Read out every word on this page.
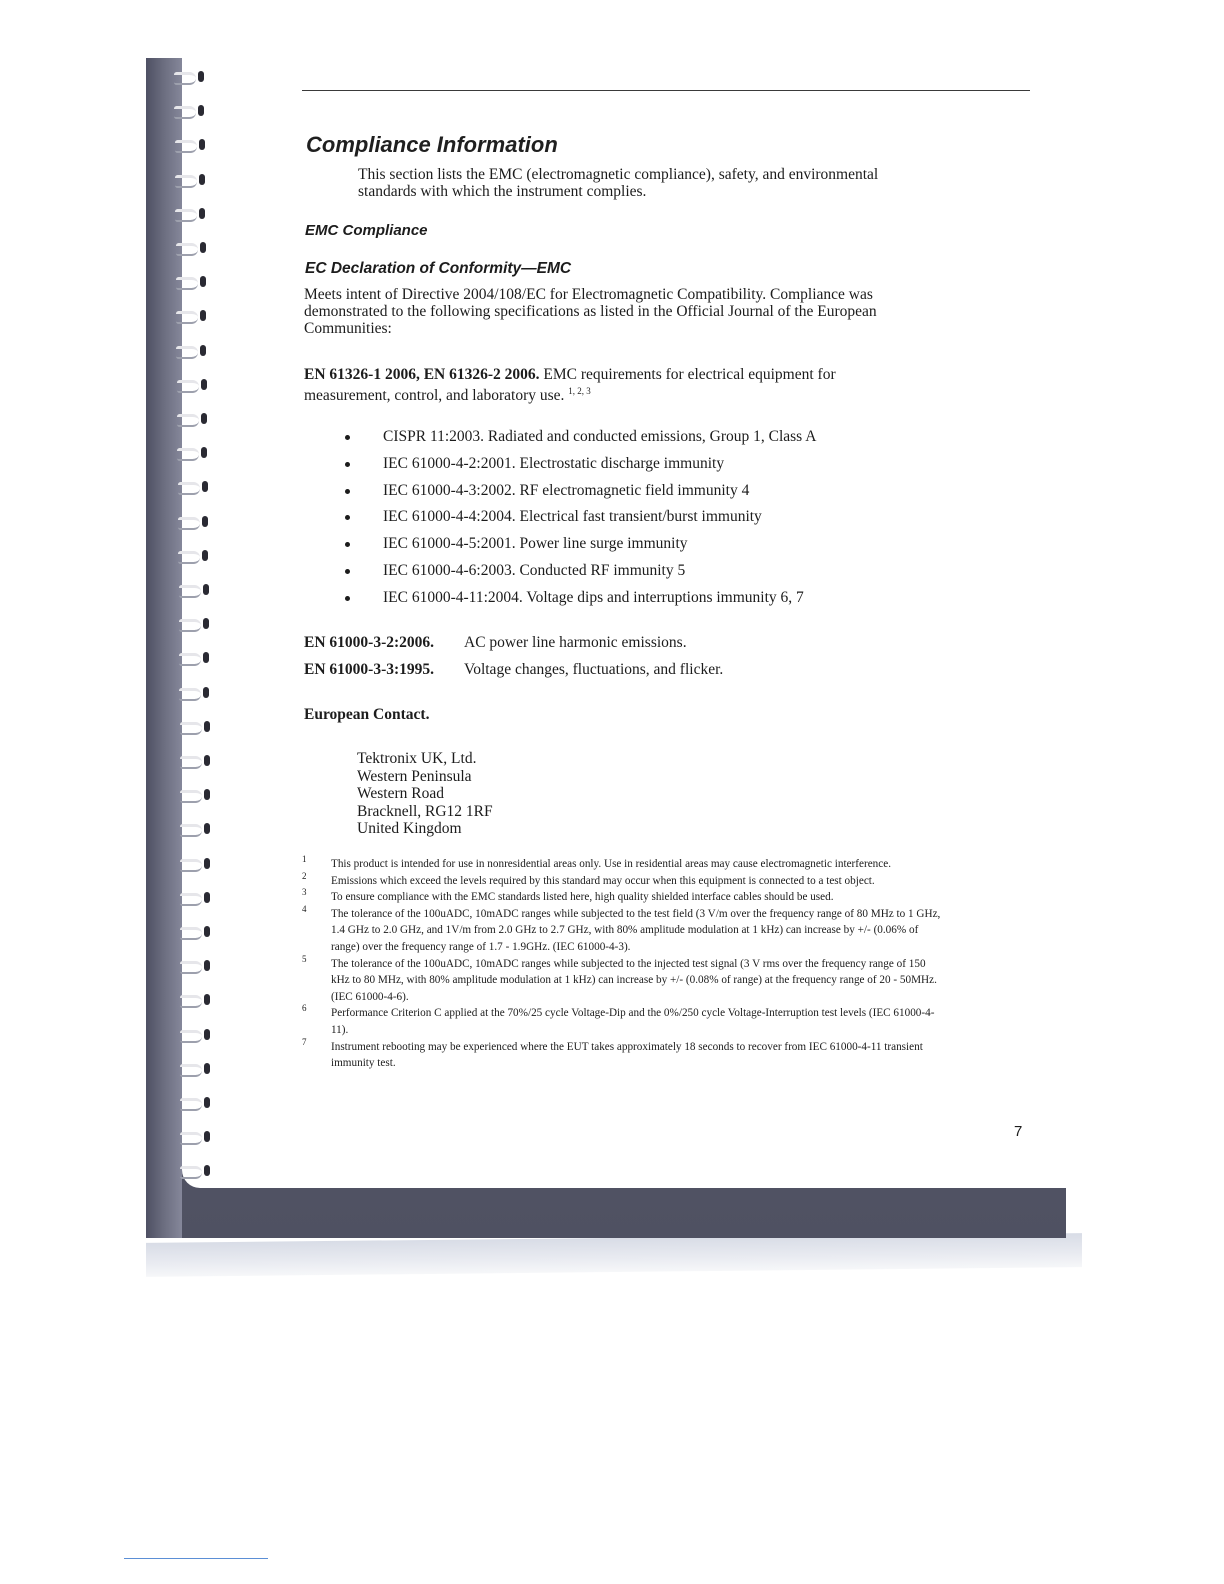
Compliance Information

This section lists the EMC (electromagnetic compliance), safety, and environmental standards with which the instrument complies.

EMC Compliance
EC Declaration of Conformity—EMC

Meets intent of Directive 2004/108/EC for Electromagnetic Compatibility. Compliance was demonstrated to the following specifications as listed in the Official Journal of the European Communities:

EN 61326-1 2006, EN 61326-2 2006. EMC requirements for electrical equipment for measurement, control, and laboratory use. $^{1, 2, 3}$
CISPR 11:2003. Radiated and conducted emissions, Group 1, Class A
IEC 61000-4-2:2001. Electrostatic discharge immunity
IEC 61000-4-3:2002. RF electromagnetic field immunity 4
IEC 61000-4-4:2004. Electrical fast transient/burst immunity
IEC 61000-4-5:2001. Power line surge immunity
IEC 61000-4-6:2003. Conducted RF immunity 5
IEC 61000-4-11:2004. Voltage dips and interruptions immunity 6, 7
EN 61000-3-2:2006. AC power line harmonic emissions.
EN 61000-3-3:1995. Voltage changes, fluctuations, and flicker.

European Contact.

Tektronix UK, Ltd.
Western Peninsula
Western Road
Bracknell, RG12 1RF
United Kingdom
1 This product is intended for use in nonresidential areas only. Use in residential areas may cause electromagnetic interference.
2 Emissions which exceed the levels required by this standard may occur when this equipment is connected to a test object.
3 To ensure compliance with the EMC standards listed here, high quality shielded interface cables should be used.
4 The tolerance of the 100uADC, 10mADC ranges while subjected to the test field (3 V/m over the frequency range of 80 MHz to 1 GHz, 1.4 GHz to 2.0 GHz, and 1V/m from 2.0 GHz to 2.7 GHz, with 80% amplitude modulation at 1 kHz) can increase by +/- (0.06% of range) over the frequency range of 1.7 - 1.9GHz. (IEC 61000-4-3).
5 The tolerance of the 100uADC, 10mADC ranges while subjected to the injected test signal (3 V rms over the frequency range of 150 kHz to 80 MHz, with 80% amplitude modulation at 1 kHz) can increase by +/- (0.08% of range) at the frequency range of 20 - 50MHz. (IEC 61000-4-6).
6 Performance Criterion C applied at the 70%/25 cycle Voltage-Dip and the 0%/250 cycle Voltage-Interruption test levels (IEC 61000-4-11).
7 Instrument rebooting may be experienced where the EUT takes approximately 18 seconds to recover from IEC 61000-4-11 transient immunity test.
7
